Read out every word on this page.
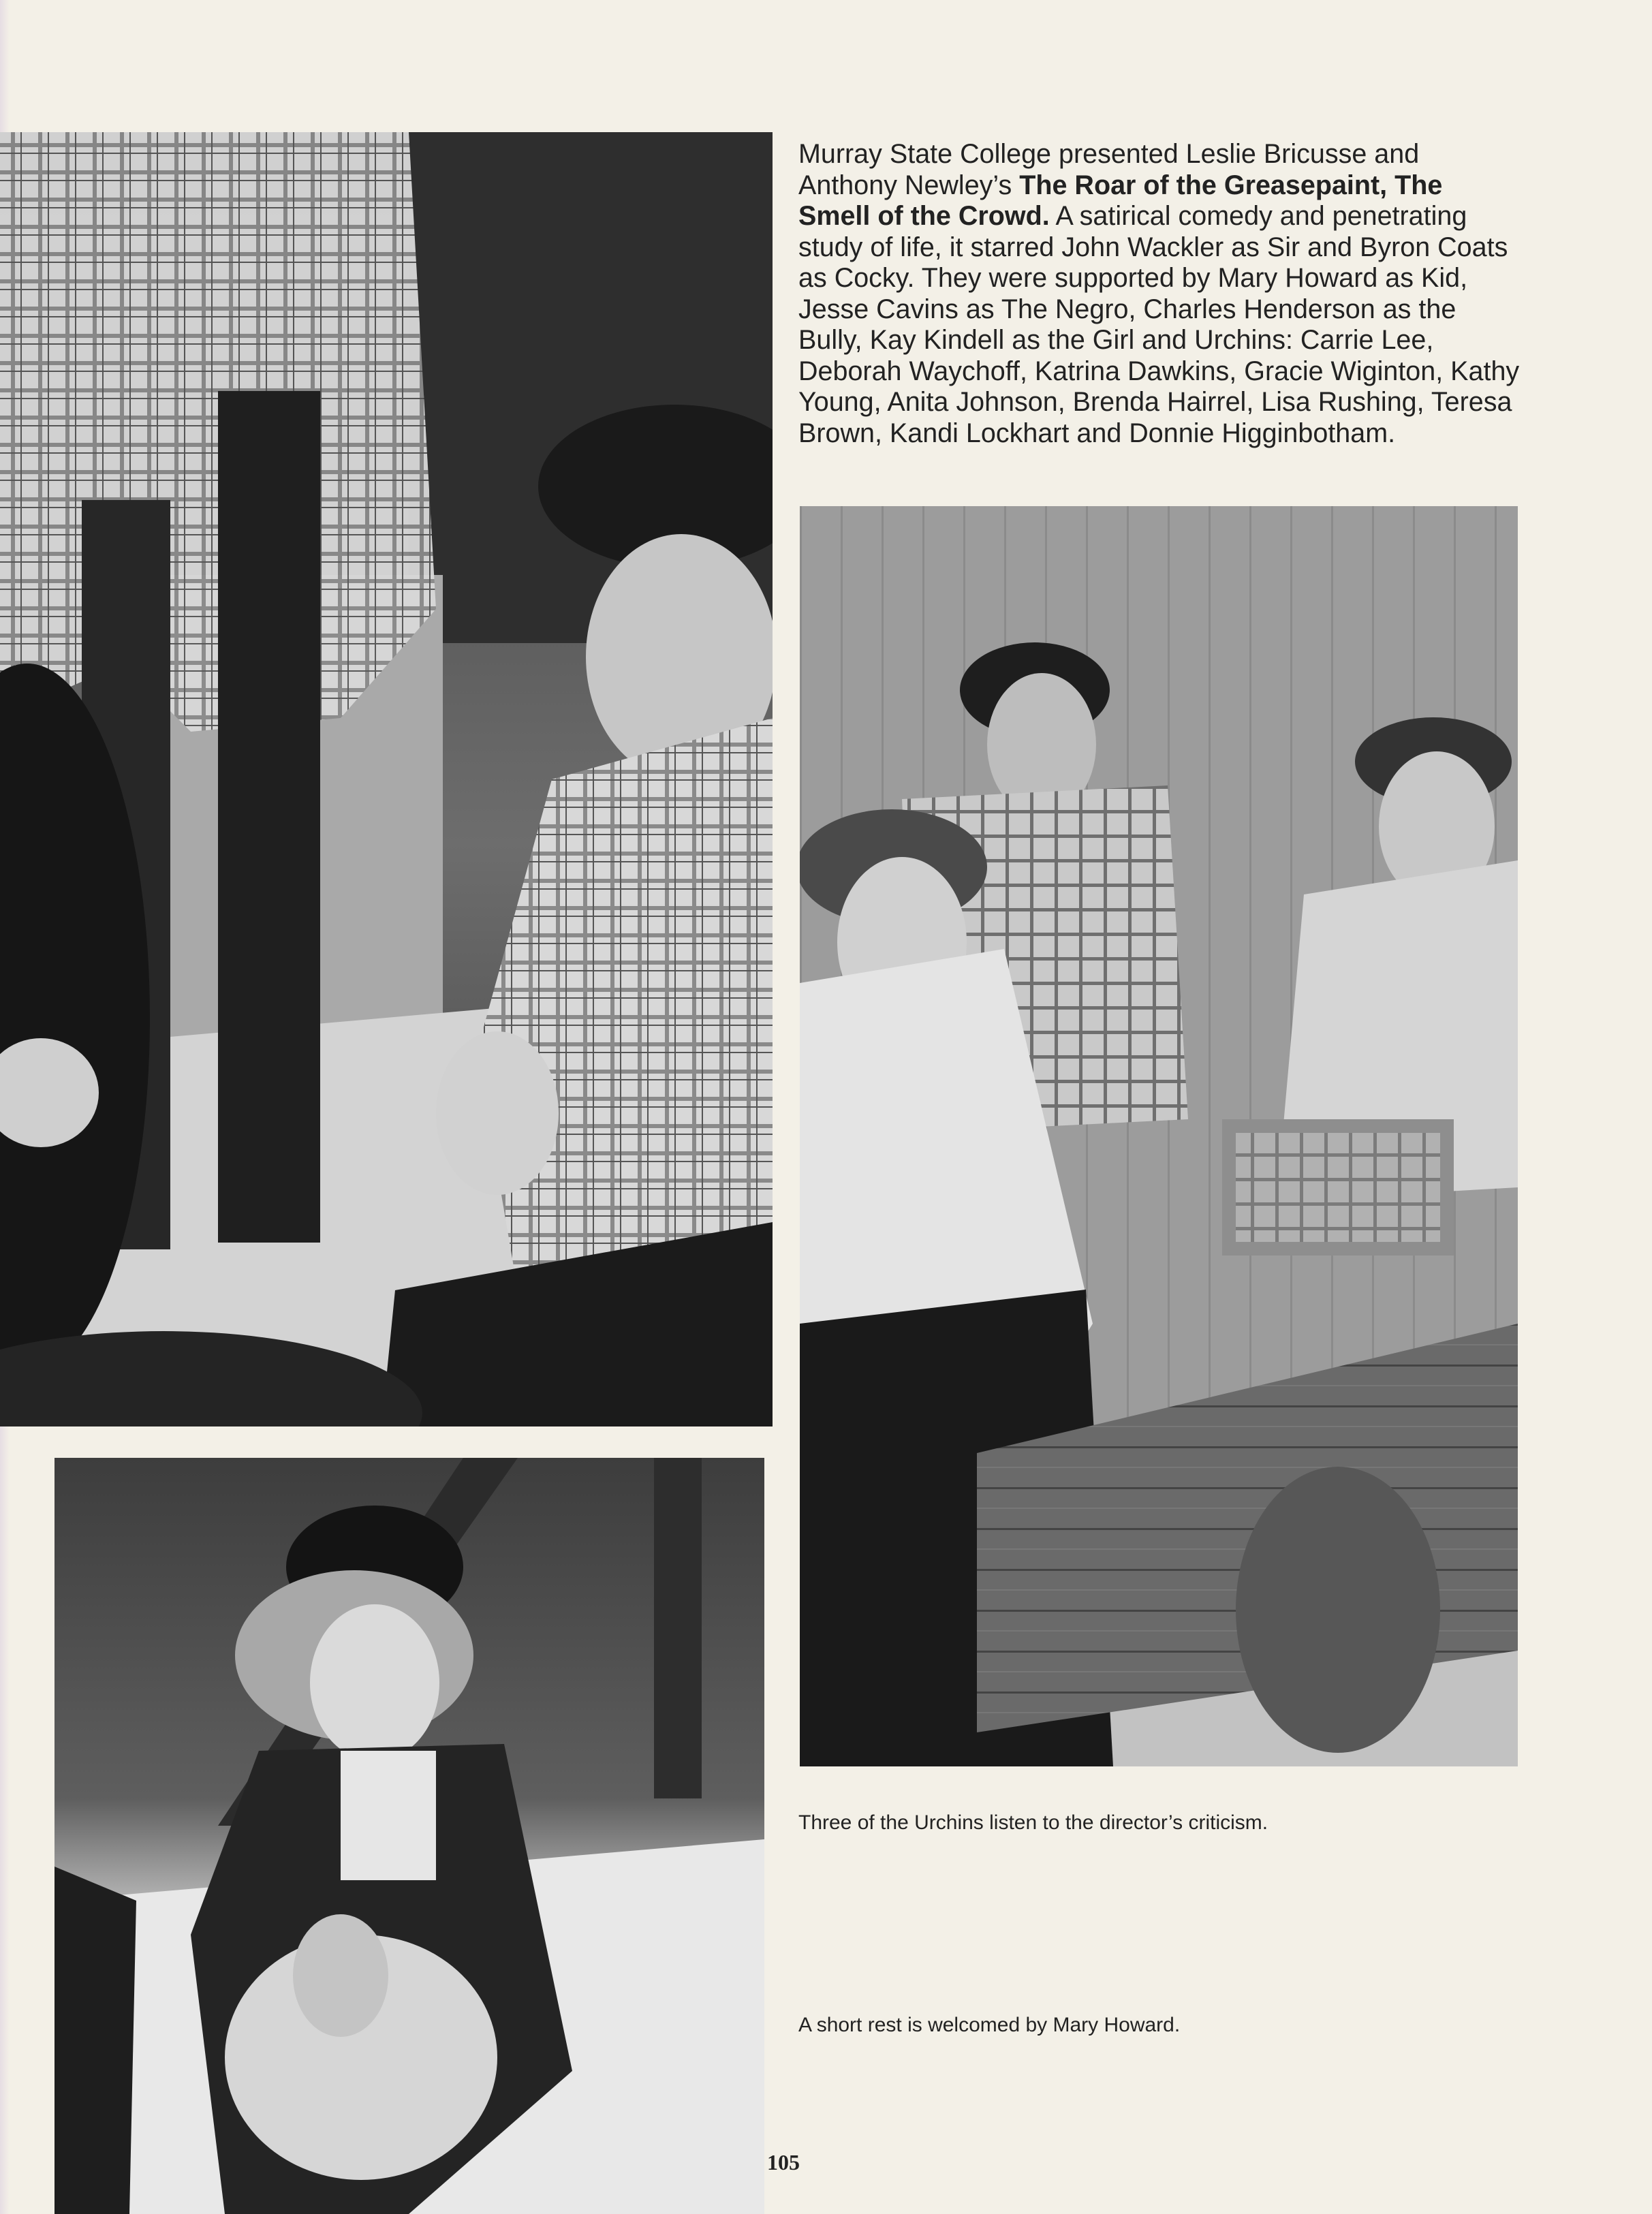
Murray State College presented Leslie Bricusse and Anthony Newley’s The Roar of the Greasepaint, The Smell of the Crowd. A satirical comedy and penetrating study of life, it starred John Wackler as Sir and Byron Coats as Cocky. They were supported by Mary Howard as Kid, Jesse Cavins as The Negro, Charles Henderson as the Bully, Kay Kindell as the Girl and Urchins: Carrie Lee, Deborah Waychoff, Katrina Dawkins, Gracie Wiginton, Kathy Young, Anita Johnson, Brenda Hairrel, Lisa Rushing, Teresa Brown, Kandi Lockhart and Donnie Higginbotham.

Three of the Urchins listen to the director’s criticism.

A short rest is welcomed by Mary Howard.

105
